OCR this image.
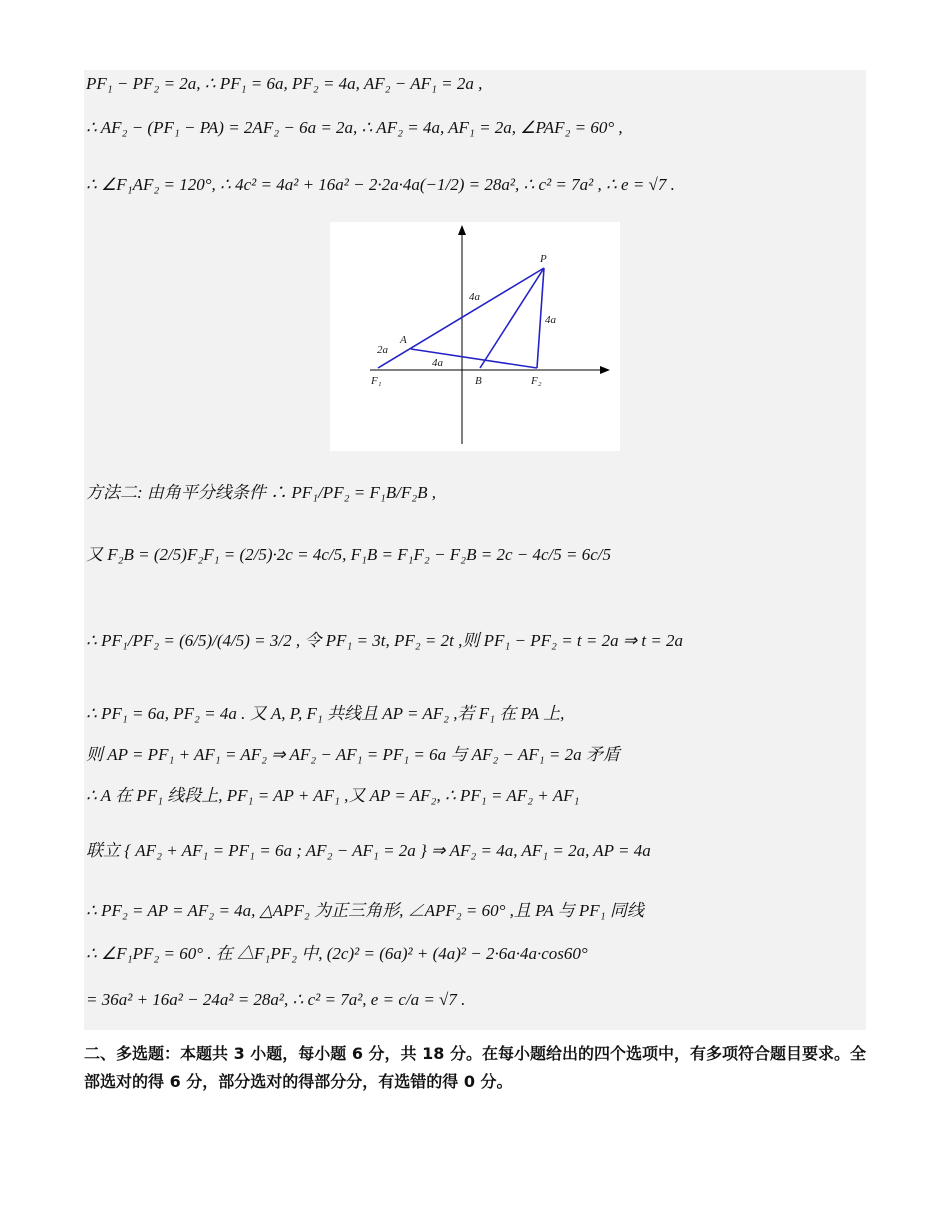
PF₁ − PF₂ = 2a, ∴ PF₁ = 6a, PF₂ = 4a, AF₂ − AF₁ = 2a ,
∴ AF₂ − (PF₁ − PA) = 2AF₂ − 6a = 2a, ∴ AF₂ = 4a, AF₁ = 2a, ∠PAF₂ = 60° ,
∴ ∠F₁AF₂ = 120°, ∴ 4c² = 4a² + 16a² − 2·2a·4a(−1/2) = 28a², ∴ c² = 7a² , ∴ e = √7 .
P
A
B
F₁	F₂
4a
4a
2a
4a
方法二: 由角平分线条件 ∴ PF₁/PF₂ = F₁B/F₂B ,
又 F₂B = (2/5)F₂F₁ = (2/5)·2c = 4c/5, F₁B = F₁F₂ − F₂B = 2c − 4c/5 = 6c/5
∴ PF₁/PF₂ = (6/5)/(4/5) = 3/2 , 令 PF₁ = 3t, PF₂ = 2t ,则 PF₁ − PF₂ = t = 2a ⇒ t = 2a
∴ PF₁ = 6a, PF₂ = 4a . 又 A, P, F₁ 共线且 AP = AF₂ ,若 F₁ 在 PA 上,
则 AP = PF₁ + AF₁ = AF₂ ⇒ AF₂ − AF₁ = PF₁ = 6a 与 AF₂ − AF₁ = 2a 矛盾
∴ A 在 PF₁ 线段上, PF₁ = AP + AF₁ ,又 AP = AF₂, ∴ PF₁ = AF₂ + AF₁
联立 { AF₂ + AF₁ = PF₁ = 6a ; AF₂ − AF₁ = 2a } ⇒ AF₂ = 4a, AF₁ = 2a, AP = 4a
∴ PF₂ = AP = AF₂ = 4a, △APF₂ 为正三角形, ∠APF₂ = 60° ,且 PA 与 PF₁ 同线
∴ ∠F₁PF₂ = 60° . 在 △F₁PF₂ 中, (2c)² = (6a)² + (4a)² − 2·6a·4a·cos60°
= 36a² + 16a² − 24a² = 28a², ∴ c² = 7a², e = c/a = √7 .
二、多选题：本题共 3 小题，每小题 6 分，共 18 分。在每小题给出的四个选项中，有多项符合题目要求。全部选对的得 6 分，部分选对的得部分分，有选错的得 0 分。
